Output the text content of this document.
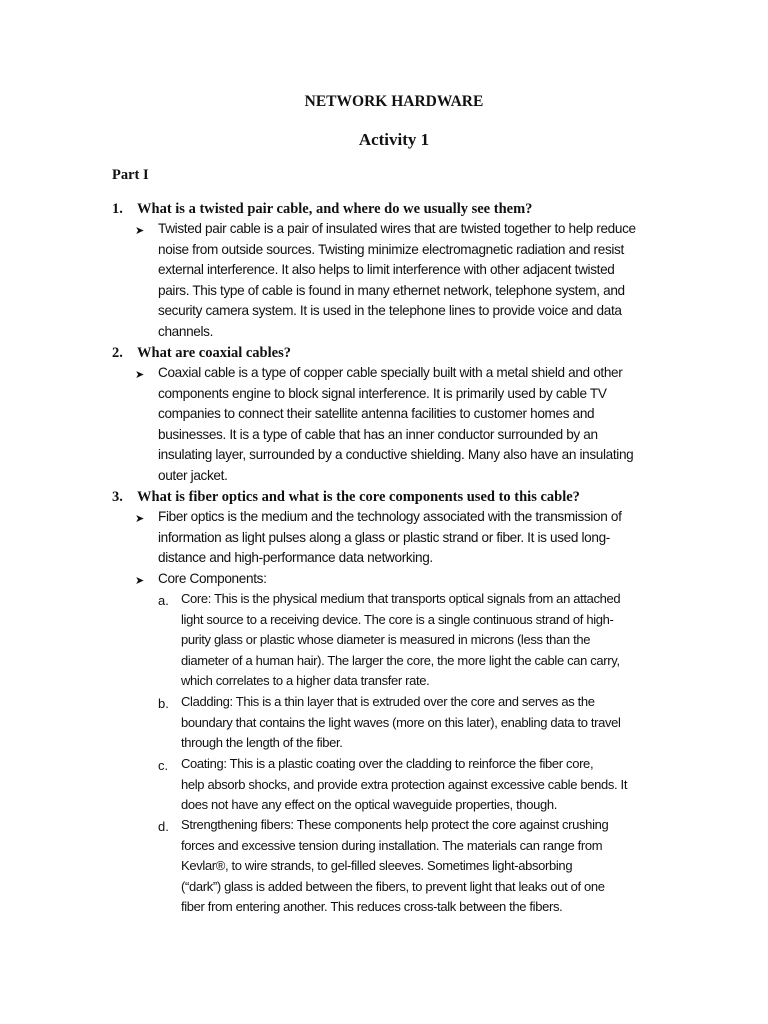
NETWORK HARDWARE
Activity 1
Part I
1. What is a twisted pair cable, and where do we usually see them?
➤ Twisted pair cable is a pair of insulated wires that are twisted together to help reduce
noise from outside sources. Twisting minimize electromagnetic radiation and resist
external interference. It also helps to limit interference with other adjacent twisted
pairs. This type of cable is found in many ethernet network, telephone system, and
security camera system. It is used in the telephone lines to provide voice and data
channels.
2. What are coaxial cables?
➤ Coaxial cable is a type of copper cable specially built with a metal shield and other
components engine to block signal interference. It is primarily used by cable TV
companies to connect their satellite antenna facilities to customer homes and
businesses. It is a type of cable that has an inner conductor surrounded by an
insulating layer, surrounded by a conductive shielding. Many also have an insulating
outer jacket.
3. What is fiber optics and what is the core components used to this cable?
➤ Fiber optics is the medium and the technology associated with the transmission of
information as light pulses along a glass or plastic strand or fiber. It is used long-
distance and high-performance data networking.
➤ Core Components:
a. Core: This is the physical medium that transports optical signals from an attached
light source to a receiving device. The core is a single continuous strand of high-
purity glass or plastic whose diameter is measured in microns (less than the
diameter of a human hair). The larger the core, the more light the cable can carry,
which correlates to a higher data transfer rate.
b. Cladding: This is a thin layer that is extruded over the core and serves as the
boundary that contains the light waves (more on this later), enabling data to travel
through the length of the fiber.
c. Coating: This is a plastic coating over the cladding to reinforce the fiber core,
help absorb shocks, and provide extra protection against excessive cable bends. It
does not have any effect on the optical waveguide properties, though.
d. Strengthening fibers: These components help protect the core against crushing
forces and excessive tension during installation. The materials can range from
Kevlar®, to wire strands, to gel-filled sleeves. Sometimes light-absorbing
(“dark”) glass is added between the fibers, to prevent light that leaks out of one
fiber from entering another. This reduces cross-talk between the fibers.
